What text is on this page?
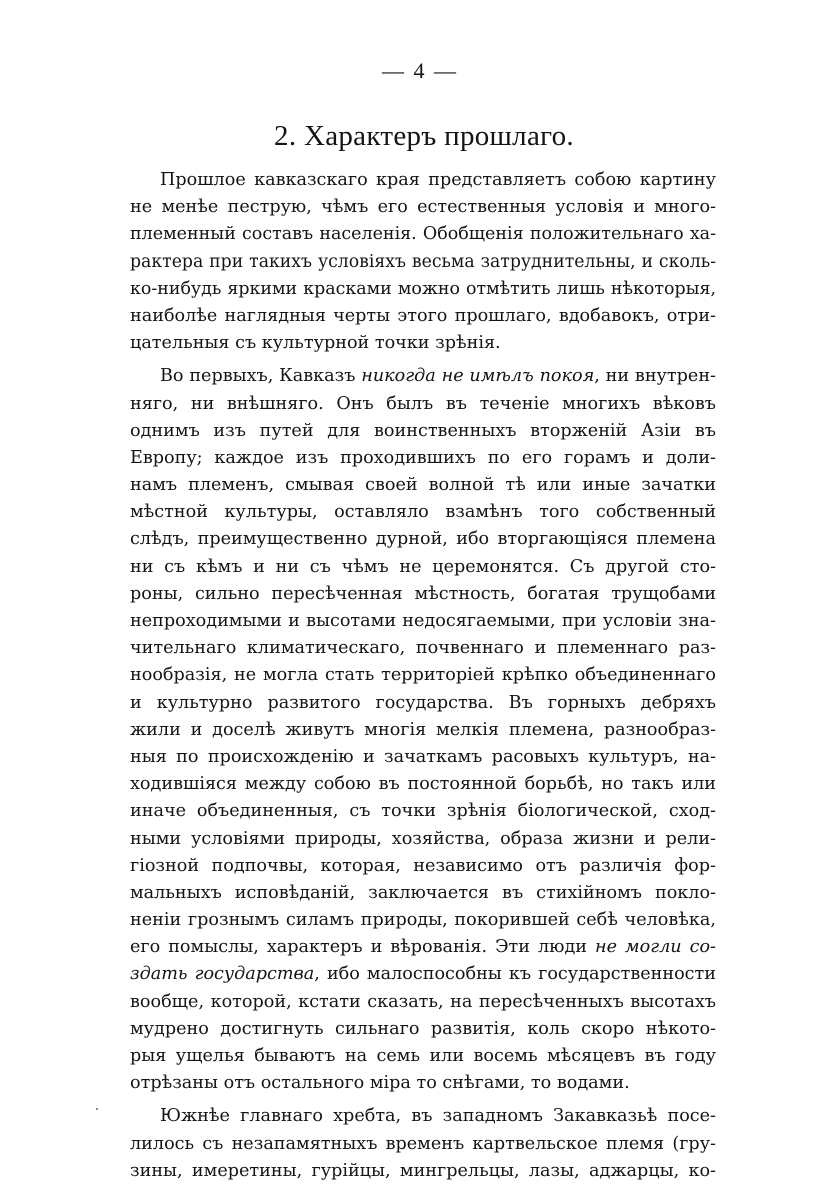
— 4 —
2. Характеръ прошлаго.
Прошлое кавказскаго края представляетъ собою картину
не менѣе пеструю, чѣмъ его естественныя условія и много-
племенный составъ населенія. Обобщенія положительнаго ха-
рактера при такихъ условіяхъ весьма затруднительны, и сколь-
ко-нибудь яркими красками можно отмѣтить лишь нѣкоторыя,
наиболѣе наглядныя черты этого прошлаго, вдобавокъ, отри-
цательныя съ культурной точки зрѣнія.
Во первыхъ, Кавказъ никогда не имѣлъ покоя, ни внутрен-
няго, ни внѣшняго. Онъ былъ въ теченіе многихъ вѣковъ
однимъ изъ путей для воинственныхъ вторженій Азіи въ
Европу; каждое изъ проходившихъ по его горамъ и доли-
намъ племенъ, смывая своей волной тѣ или иные зачатки
мѣстной культуры, оставляло взамѣнъ того собственный
слѣдъ, преимущественно дурной, ибо вторгающіяся племена
ни съ кѣмъ и ни съ чѣмъ не церемонятся. Съ другой сто-
роны, сильно пересѣченная мѣстность, богатая трущобами
непроходимыми и высотами недосягаемыми, при условіи зна-
чительнаго климатическаго, почвеннаго и племеннаго раз-
нообразія, не могла стать территоріей крѣпко объединеннаго
и культурно развитого государства. Въ горныхъ дебряхъ
жили и доселѣ живутъ многія мелкія племена, разнообраз-
ныя по происхожденію и зачаткамъ расовыхъ культуръ, на-
ходившіяся между собою въ постоянной борьбѣ, но такъ или
иначе объединенныя, съ точки зрѣнія біологической, сход-
ными условіями природы, хозяйства, образа жизни и рели-
гіозной подпочвы, которая, независимо отъ различія фор-
мальныхъ исповѣданій, заключается въ стихійномъ покло-
неніи грознымъ силамъ природы, покорившей себѣ человѣка,
его помыслы, характеръ и вѣрованія. Эти люди не могли со-
здать государства, ибо малоспособны къ государственности
вообще, которой, кстати сказать, на пересѣченныхъ высотахъ
мудрено достигнуть сильнаго развитія, коль скоро нѣкото-
рыя ущелья бываютъ на семь или восемь мѣсяцевъ въ году
отрѣзаны отъ остального міра то снѣгами, то водами.
Южнѣе главнаго хребта, въ западномъ Закавказьѣ посе-
лилось съ незапамятныхъ временъ картвельское племя (гру-
зины, имеретины, гурійцы, мингрельцы, лазы, аджарцы, ко-
